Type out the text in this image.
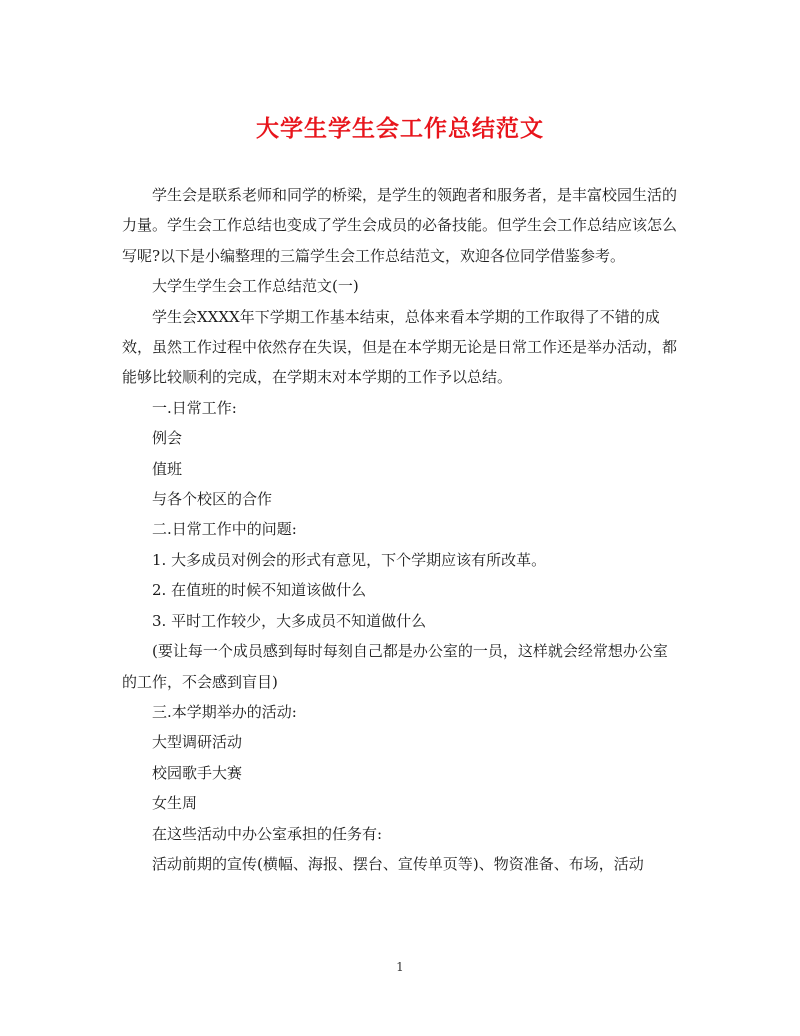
大学生学生会工作总结范文

学生会是联系老师和同学的桥梁，是学生的领跑者和服务者，是丰富校园生活的力量。学生会工作总结也变成了学生会成员的必备技能。但学生会工作总结应该怎么写呢?以下是小编整理的三篇学生会工作总结范文，欢迎各位同学借鉴参考。

大学生学生会工作总结范文(一)

学生会XXXX年下学期工作基本结束，总体来看本学期的工作取得了不错的成效，虽然工作过程中依然存在失误，但是在本学期无论是日常工作还是举办活动，都能够比较顺利的完成，在学期末对本学期的工作予以总结。

一.日常工作:

例会

值班

与各个校区的合作

二.日常工作中的问题:

1. 大多成员对例会的形式有意见，下个学期应该有所改革。

2. 在值班的时候不知道该做什么

3. 平时工作较少，大多成员不知道做什么

(要让每一个成员感到每时每刻自己都是办公室的一员，这样就会经常想办公室的工作，不会感到盲目)

三.本学期举办的活动:

大型调研活动

校园歌手大赛

女生周

在这些活动中办公室承担的任务有:

活动前期的宣传(横幅、海报、摆台、宣传单页等)、物资准备、布场，活动

1
